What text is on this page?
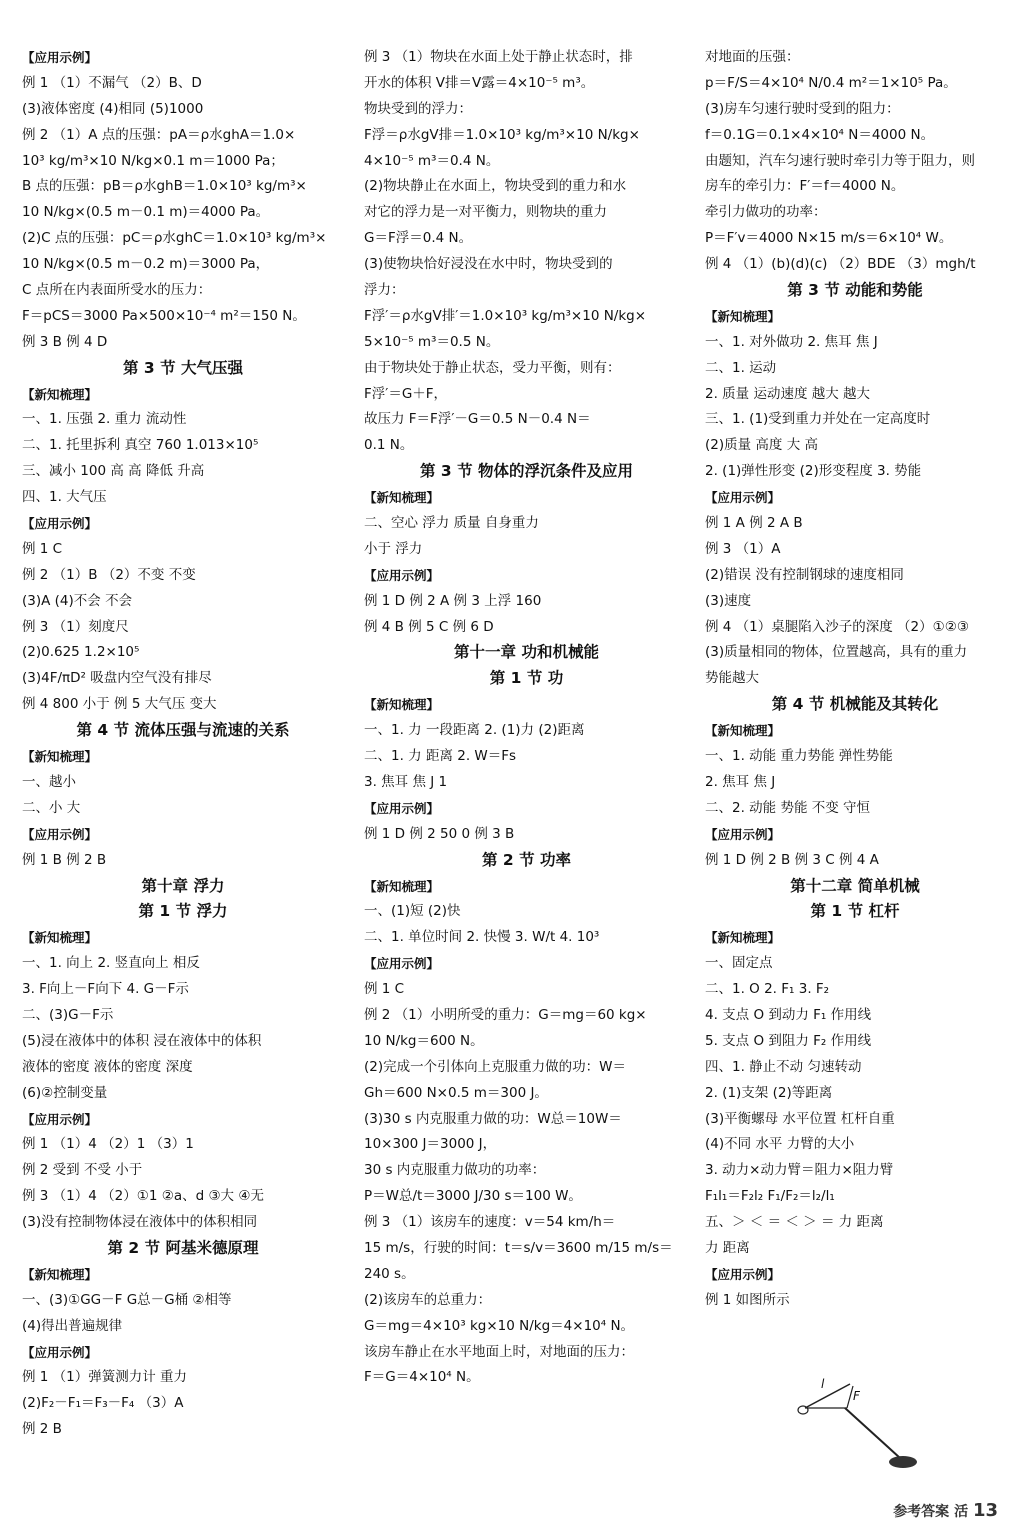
【应用示例】
例 1 （1）不漏气 （2）B、D
(3)液体密度 (4)相同 (5)1000
例 2 （1）A 点的压强：pA＝ρ水ghA＝1.0×
10³ kg/m³×10 N/kg×0.1 m＝1000 Pa；
B 点的压强：pB＝ρ水ghB＝1.0×10³ kg/m³×
10 N/kg×(0.5 m－0.1 m)＝4000 Pa。
(2)C 点的压强：pC＝ρ水ghC＝1.0×10³ kg/m³×
10 N/kg×(0.5 m－0.2 m)＝3000 Pa，
C 点所在内表面所受水的压力：
F＝pCS＝3000 Pa×500×10⁻⁴ m²＝150 N。
例 3 B 例 4 D
第 3 节 大气压强
【新知梳理】
一、1. 压强 2. 重力 流动性
二、1. 托里拆利 真空 760 1.013×10⁵
三、减小 100 高 高 降低 升高
四、1. 大气压
【应用示例】
例 1 C
例 2 （1）B （2）不变 不变
(3)A (4)不会 不会
例 3 （1）刻度尺
(2)0.625 1.2×10⁵
(3)4F/πD² 吸盘内空气没有排尽
例 4 800 小于 例 5 大气压 变大
第 4 节 流体压强与流速的关系
【新知梳理】
一、越小
二、小 大
【应用示例】
例 1 B 例 2 B
第十章 浮力
第 1 节 浮力
【新知梳理】
一、1. 向上 2. 竖直向上 相反
3. F向上－F向下 4. G－F示
二、(3)G－F示
(5)浸在液体中的体积 浸在液体中的体积
液体的密度 液体的密度 深度
(6)②控制变量
【应用示例】
例 1 （1）4 （2）1 （3）1
例 2 受到 不受 小于
例 3 （1）4 （2）①1 ②a、d ③大 ④无
(3)没有控制物体浸在液体中的体积相同
第 2 节 阿基米德原理
【新知梳理】
一、(3)①GG－F G总－G桶 ②相等
(4)得出普遍规律
【应用示例】
例 1 （1）弹簧测力计 重力
(2)F₂－F₁＝F₃－F₄ （3）A
例 2 B
例 3 （1）物块在水面上处于静止状态时，排
开水的体积 V排＝V露＝4×10⁻⁵ m³。
物块受到的浮力：
F浮＝ρ水gV排＝1.0×10³ kg/m³×10 N/kg×
4×10⁻⁵ m³＝0.4 N。
(2)物块静止在水面上，物块受到的重力和水
对它的浮力是一对平衡力，则物块的重力
G＝F浮＝0.4 N。
(3)使物块恰好浸没在水中时，物块受到的
浮力：
F浮′＝ρ水gV排′＝1.0×10³ kg/m³×10 N/kg×
5×10⁻⁵ m³＝0.5 N。
由于物块处于静止状态，受力平衡，则有：
F浮′＝G＋F，
故压力 F＝F浮′－G＝0.5 N－0.4 N＝
0.1 N。
第 3 节 物体的浮沉条件及应用
【新知梳理】
二、空心 浮力 质量 自身重力
小于 浮力
【应用示例】
例 1 D 例 2 A 例 3 上浮 160
例 4 B 例 5 C 例 6 D
第十一章 功和机械能
第 1 节 功
【新知梳理】
一、1. 力 一段距离 2. (1)力 (2)距离
二、1. 力 距离 2. W＝Fs
3. 焦耳 焦 J 1
【应用示例】
例 1 D 例 2 50 0 例 3 B
第 2 节 功率
【新知梳理】
一、(1)短 (2)快
二、1. 单位时间 2. 快慢 3. W/t 4. 10³
【应用示例】
例 1 C
例 2 （1）小明所受的重力：G＝mg＝60 kg×
10 N/kg＝600 N。
(2)完成一个引体向上克服重力做的功：W＝
Gh＝600 N×0.5 m＝300 J。
(3)30 s 内克服重力做的功：W总＝10W＝
10×300 J＝3000 J，
30 s 内克服重力做功的功率：
P＝W总/t＝3000 J/30 s＝100 W。
例 3 （1）该房车的速度：v＝54 km/h＝
15 m/s，行驶的时间：t＝s/v＝3600 m/15 m/s＝
240 s。
(2)该房车的总重力：
G＝mg＝4×10³ kg×10 N/kg＝4×10⁴ N。
该房车静止在水平地面上时，对地面的压力：
F＝G＝4×10⁴ N。
对地面的压强：
p＝F/S＝4×10⁴ N/0.4 m²＝1×10⁵ Pa。
(3)房车匀速行驶时受到的阻力：
f＝0.1G＝0.1×4×10⁴ N＝4000 N。
由题知，汽车匀速行驶时牵引力等于阻力，则
房车的牵引力：F′＝f＝4000 N。
牵引力做功的功率：
P＝F′v＝4000 N×15 m/s＝6×10⁴ W。
例 4 （1）(b)(d)(c) （2）BDE （3）mgh/t
第 3 节 动能和势能
【新知梳理】
一、1. 对外做功 2. 焦耳 焦 J
二、1. 运动
2. 质量 运动速度 越大 越大
三、1. (1)受到重力并处在一定高度时
(2)质量 高度 大 高
2. (1)弹性形变 (2)形变程度 3. 势能
【应用示例】
例 1 A 例 2 A B
例 3 （1）A
(2)错误 没有控制钢球的速度相同
(3)速度
例 4 （1）桌腿陷入沙子的深度 （2）①②③
(3)质量相同的物体，位置越高，具有的重力
势能越大
第 4 节 机械能及其转化
【新知梳理】
一、1. 动能 重力势能 弹性势能
2. 焦耳 焦 J
二、2. 动能 势能 不变 守恒
【应用示例】
例 1 D 例 2 B 例 3 C 例 4 A
第十二章 简单机械
第 1 节 杠杆
【新知梳理】
一、固定点
二、1. O 2. F₁ 3. F₂
4. 支点 O 到动力 F₁ 作用线
5. 支点 O 到阻力 F₂ 作用线
四、1. 静止不动 匀速转动
2. (1)支架 (2)等距离
(3)平衡螺母 水平位置 杠杆自重
(4)不同 水平 力臂的大小
3. 动力×动力臂＝阻力×阻力臂
F₁l₁＝F₂l₂ F₁/F₂＝l₂/l₁
五、＞ ＜ ＝ ＜ ＞ ＝ 力 距离
力 距离
【应用示例】
例 1 如图所示
l
F
参考答案 活 13
